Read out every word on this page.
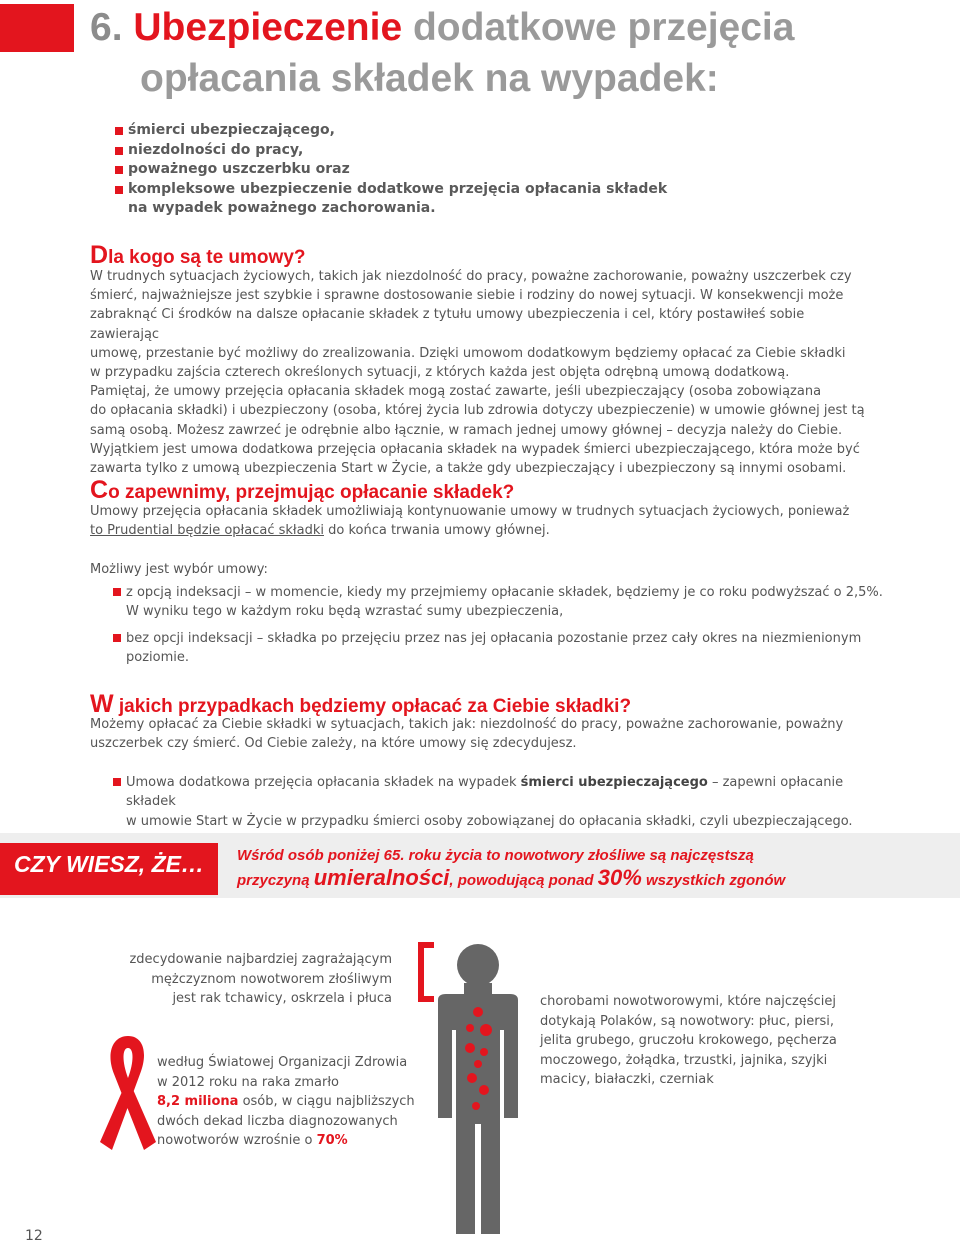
6. Ubezpieczenie dodatkowe przejęcia
opłacania składek na wypadek:
śmierci ubezpieczającego,
niezdolności do pracy,
poważnego uszczerbku oraz
kompleksowe ubezpieczenie dodatkowe przejęcia opłacania składek
na wypadek poważnego zachorowania.
Dla kogo są te umowy?

W trudnych sytuacjach życiowych, takich jak niezdolność do pracy, poważne zachorowanie, poważny uszczerbek czy

śmierć, najważniejsze jest szybkie i sprawne dostosowanie siebie i rodziny do nowej sytuacji. W konsekwencji może

zabraknąć Ci środków na dalsze opłacanie składek z tytułu umowy ubezpieczenia i cel, który postawiłeś sobie zawierając

umowę, przestanie być możliwy do zrealizowania. Dzięki umowom dodatkowym będziemy opłacać za Ciebie składki

w przypadku zajścia czterech określonych sytuacji, z których każda jest objęta odrębną umową dodatkową.

Pamiętaj, że umowy przejęcia opłacania składek mogą zostać zawarte, jeśli ubezpieczający (osoba zobowiązana

do opłacania składki) i ubezpieczony (osoba, której życia lub zdrowia dotyczy ubezpieczenie) w umowie głównej jest tą

samą osobą. Możesz zawrzeć je odrębnie albo łącznie, w ramach jednej umowy głównej – decyzja należy do Ciebie.

Wyjątkiem jest umowa dodatkowa przejęcia opłacania składek na wypadek śmierci ubezpieczającego, która może być

zawarta tylko z umową ubezpieczenia Start w Życie, a także gdy ubezpieczający i ubezpieczony są innymi osobami.

Co zapewnimy, przejmując opłacanie składek?

Umowy przejęcia opłacania składek umożliwiają kontynuowanie umowy w trudnych sytuacjach życiowych, ponieważ

to Prudential będzie opłacać składki do końca trwania umowy głównej.

Możliwy jest wybór umowy:
z opcją indeksacji – w momencie, kiedy my przejmiemy opłacanie składek, będziemy je co roku podwyższać o 2,5%.
W wyniku tego w każdym roku będą wzrastać sumy ubezpieczenia,
bez opcji indeksacji – składka po przejęciu przez nas jej opłacania pozostanie przez cały okres na niezmienionym
poziomie.
W jakich przypadkach będziemy opłacać za Ciebie składki?

Możemy opłacać za Ciebie składki w sytuacjach, takich jak: niezdolność do pracy, poważne zachorowanie, poważny

uszczerbek czy śmierć. Od Ciebie zależy, na które umowy się zdecydujesz.

Umowa dodatkowa przejęcia opłacania składek na wypadek śmierci ubezpieczającego – zapewni opłacanie składek
w umowie Start w Życie w przypadku śmierci osoby zobowiązanej do opłacania składki, czyli ubezpieczającego.
CZY WIESZ, ŻE… Wśród osób poniżej 65. roku życia to nowotwory złośliwe są najczęstszą
przyczyną umieralności, powodującą ponad 30% wszystkich zgonów
zdecydowanie najbardziej zagrażającym
mężczyznom nowotworem złośliwym
jest rak tchawicy, oskrzela i płuca	chorobami nowotworowymi, które najczęściej
dotykają Polaków, są nowotwory: płuc, piersi,
jelita grubego, gruczołu krokowego, pęcherza
moczowego, żołądka, trzustki, jajnika, szyjki
macicy, białaczki, czerniak
według Światowej Organizacji Zdrowia
w 2012 roku na raka zmarło
8,2 miliona osób, w ciągu najbliższych
dwóch dekad liczba diagnozowanych
nowotworów wzrośnie o 70%
12
